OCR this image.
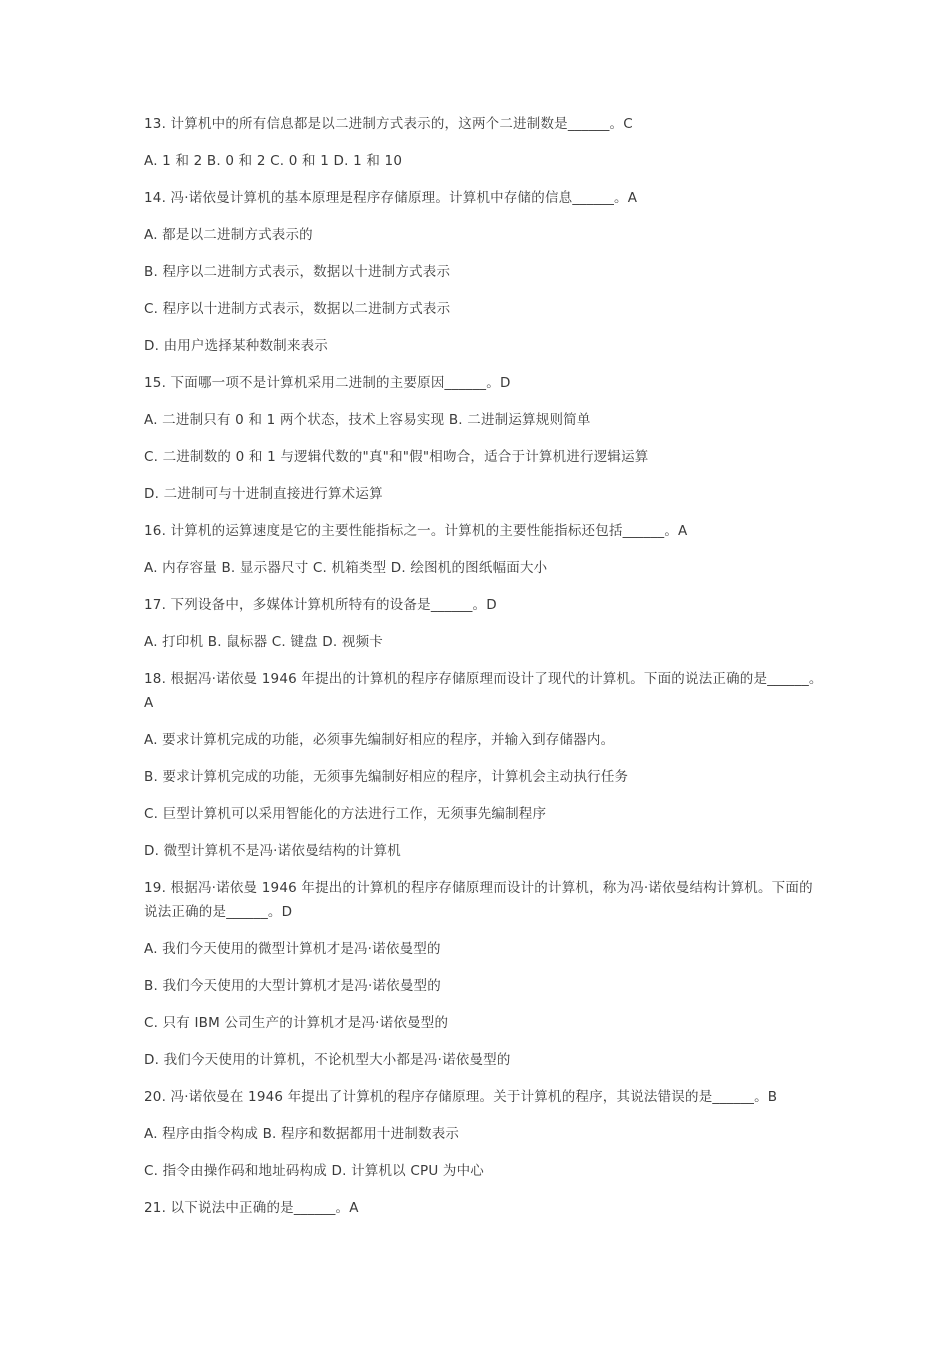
13. 计算机中的所有信息都是以二进制方式表示的，这两个二进制数是______。C
A. 1 和 2 B. 0 和 2 C. 0 和 1 D. 1 和 10
14. 冯·诺依曼计算机的基本原理是程序存储原理。计算机中存储的信息______。A
A. 都是以二进制方式表示的
B. 程序以二进制方式表示，数据以十进制方式表示
C. 程序以十进制方式表示，数据以二进制方式表示
D. 由用户选择某种数制来表示
15. 下面哪一项不是计算机采用二进制的主要原因______。D
A. 二进制只有 0 和 1 两个状态，技术上容易实现 B. 二进制运算规则简单
C. 二进制数的 0 和 1 与逻辑代数的"真"和"假"相吻合，适合于计算机进行逻辑运算
D. 二进制可与十进制直接进行算术运算
16. 计算机的运算速度是它的主要性能指标之一。计算机的主要性能指标还包括______。A
A. 内存容量 B. 显示器尺寸 C. 机箱类型 D. 绘图机的图纸幅面大小
17. 下列设备中，多媒体计算机所特有的设备是______。D
A. 打印机 B. 鼠标器 C. 键盘 D. 视频卡
18. 根据冯·诺依曼 1946 年提出的计算机的程序存储原理而设计了现代的计算机。下面的说法正确的是______。A
A. 要求计算机完成的功能，必须事先编制好相应的程序，并输入到存储器内。
B. 要求计算机完成的功能，无须事先编制好相应的程序，计算机会主动执行任务
C. 巨型计算机可以采用智能化的方法进行工作，无须事先编制程序
D. 微型计算机不是冯·诺依曼结构的计算机
19. 根据冯·诺依曼 1946 年提出的计算机的程序存储原理而设计的计算机，称为冯·诺依曼结构计算机。下面的说法正确的是______。D
A. 我们今天使用的微型计算机才是冯·诺依曼型的
B. 我们今天使用的大型计算机才是冯·诺依曼型的
C. 只有 IBM 公司生产的计算机才是冯·诺依曼型的
D. 我们今天使用的计算机，不论机型大小都是冯·诺依曼型的
20. 冯·诺依曼在 1946 年提出了计算机的程序存储原理。关于计算机的程序，其说法错误的是______。B
A. 程序由指令构成 B. 程序和数据都用十进制数表示
C. 指令由操作码和地址码构成 D. 计算机以 CPU 为中心
21. 以下说法中正确的是______。A
